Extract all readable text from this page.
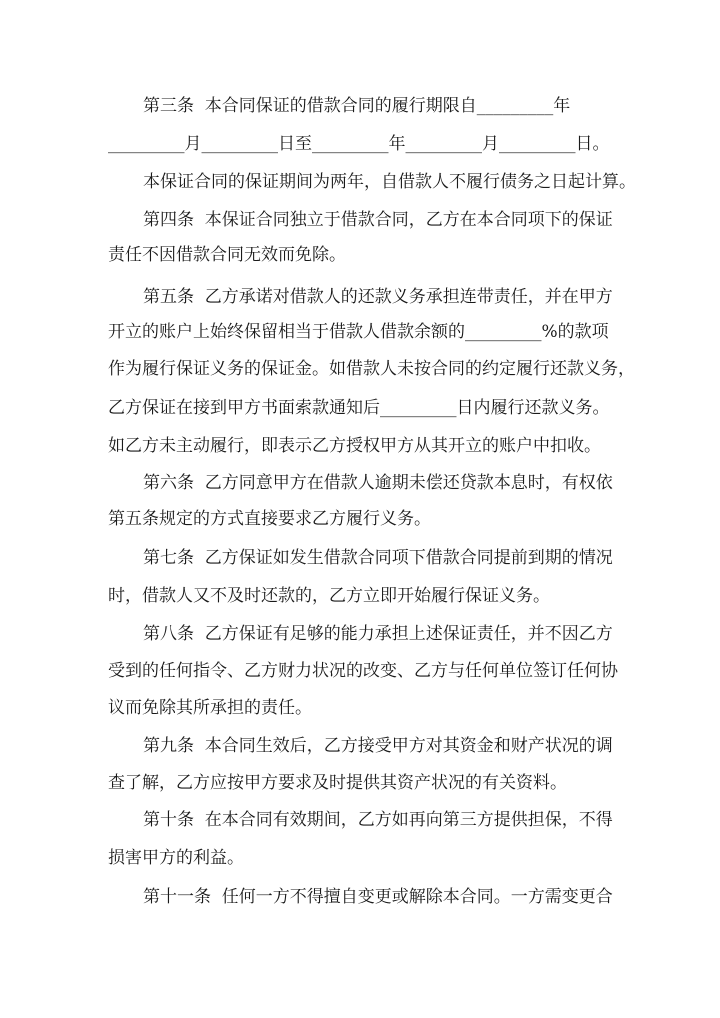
第三条  本合同保证的借款合同的履行期限自_________年
_________月_________日至_________年_________月_________日。
本保证合同的保证期间为两年，自借款人不履行债务之日起计算。
第四条  本保证合同独立于借款合同，乙方在本合同项下的保证
责任不因借款合同无效而免除。
第五条  乙方承诺对借款人的还款义务承担连带责任，并在甲方
开立的账户上始终保留相当于借款人借款余额的_________%的款项
作为履行保证义务的保证金。如借款人未按合同的约定履行还款义务，
乙方保证在接到甲方书面索款通知后_________日内履行还款义务。
如乙方未主动履行，即表示乙方授权甲方从其开立的账户中扣收。
第六条  乙方同意甲方在借款人逾期未偿还贷款本息时，有权依
第五条规定的方式直接要求乙方履行义务。
第七条  乙方保证如发生借款合同项下借款合同提前到期的情况
时，借款人又不及时还款的，乙方立即开始履行保证义务。
第八条  乙方保证有足够的能力承担上述保证责任，并不因乙方
受到的任何指令、乙方财力状况的改变、乙方与任何单位签订任何协
议而免除其所承担的责任。
第九条  本合同生效后，乙方接受甲方对其资金和财产状况的调
查了解，乙方应按甲方要求及时提供其资产状况的有关资料。
第十条  在本合同有效期间，乙方如再向第三方提供担保，不得
损害甲方的利益。
第十一条  任何一方不得擅自变更或解除本合同。一方需变更合
